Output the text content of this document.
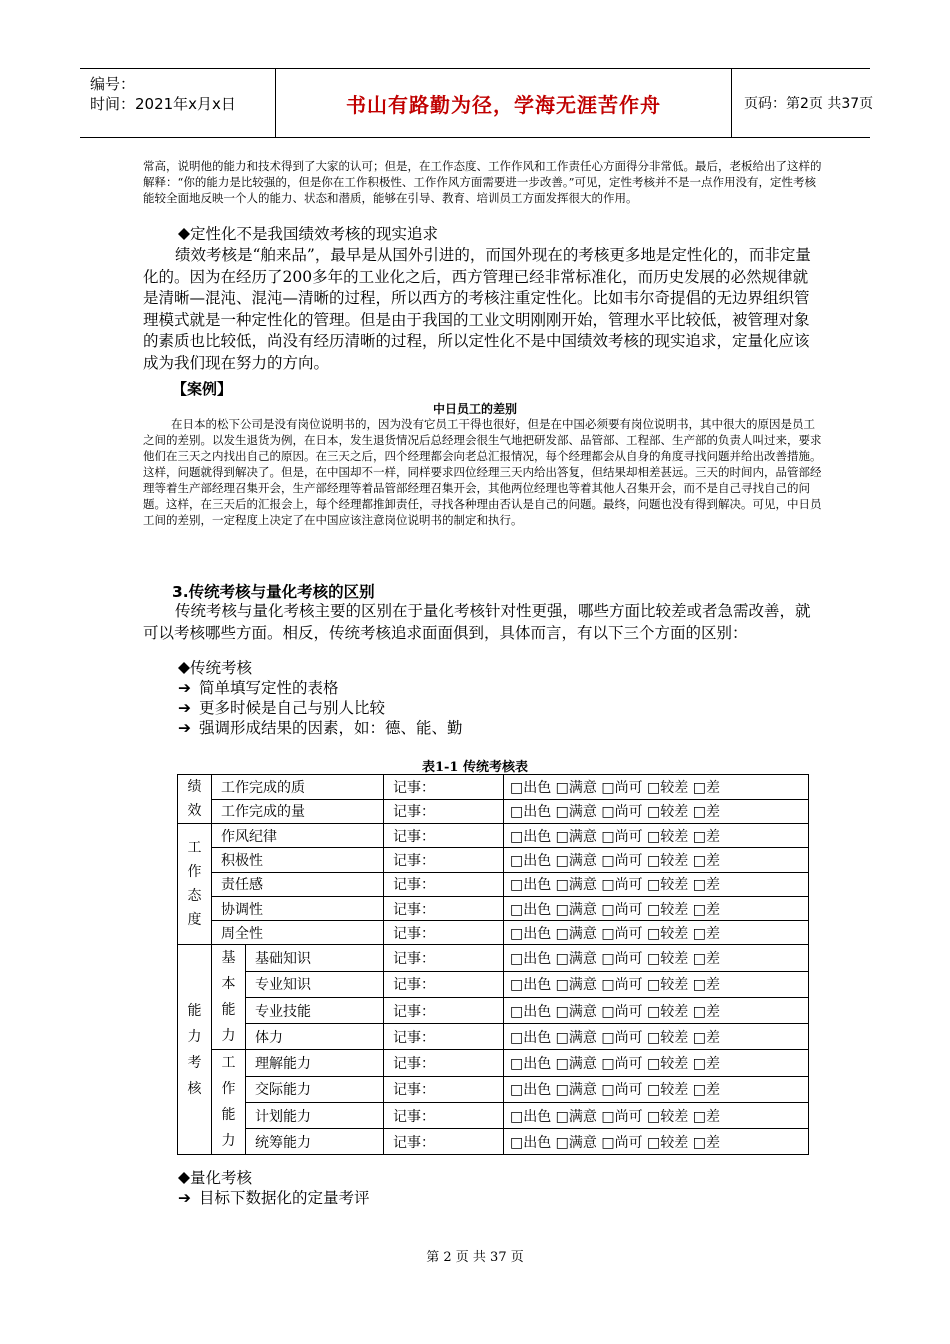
编号：
时间：2021年x月x日	书山有路勤为径，学海无涯苦作舟	页码：第2页 共37页
常高，说明他的能力和技术得到了大家的认可；但是，在工作态度、工作作风和工作责任心方面得分非常低。最后，老板给出了这样的解释：“你的能力是比较强的，但是你在工作积极性、工作作风方面需要进一步改善。”可见，定性考核并不是一点作用没有，定性考核能较全面地反映一个人的能力、状态和潜质，能够在引导、教育、培训员工方面发挥很大的作用。
定性化不是我国绩效考核的现实追求
绩效考核是“舶来品”，最早是从国外引进的，而国外现在的考核更多地是定性化的，而非定量化的。因为在经历了200多年的工业化之后，西方管理已经非常标准化，而历史发展的必然规律就是清晰—混沌、混沌—清晰的过程，所以西方的考核注重定性化。比如韦尔奇提倡的无边界组织管理模式就是一种定性化的管理。但是由于我国的工业文明刚刚开始，管理水平比较低，被管理对象的素质也比较低，尚没有经历清晰的过程，所以定性化不是中国绩效考核的现实追求，定量化应该成为我们现在努力的方向。
【案例】
中日员工的差别
在日本的松下公司是没有岗位说明书的，因为没有它员工干得也很好，但是在中国必须要有岗位说明书，其中很大的原因是员工之间的差别。以发生退货为例，在日本，发生退货情况后总经理会很生气地把研发部、品管部、工程部、生产部的负责人叫过来，要求他们在三天之内找出自己的原因。在三天之后，四个经理都会向老总汇报情况，每个经理都会从自身的角度寻找问题并给出改善措施。这样，问题就得到解决了。但是，在中国却不一样，同样要求四位经理三天内给出答复，但结果却相差甚远。三天的时间内，品管部经理等着生产部经理召集开会，生产部经理等着品管部经理召集开会，其他两位经理也等着其他人召集开会，而不是自己寻找自己的问题。这样，在三天后的汇报会上，每个经理都推卸责任，寻找各种理由否认是自己的问题。最终，问题也没有得到解决。可见，中日员工间的差别，一定程度上决定了在中国应该注意岗位说明书的制定和执行。
3.传统考核与量化考核的区别
传统考核与量化考核主要的区别在于量化考核针对性更强，哪些方面比较差或者急需改善，就可以考核哪些方面。相反，传统考核追求面面俱到，具体而言，有以下三个方面的区别：
传统考核
➔ 简单填写定性的表格
➔ 更多时候是自己与别人比较
➔ 强调形成结果的因素，如：德、能、勤
表1-1 传统考核表
绩效	工作完成的质		记事：	□出色 □满意 □尚可 □较差 □差
	工作完成的量		记事：	□出色 □满意 □尚可 □较差 □差
工作态度	作风纪律		记事：	□出色 □满意 □尚可 □较差 □差
	积极性		记事：	□出色 □满意 □尚可 □较差 □差
	责任感		记事：	□出色 □满意 □尚可 □较差 □差
	协调性		记事：	□出色 □满意 □尚可 □较差 □差
	周全性		记事：	□出色 □满意 □尚可 □较差 □差
能力考核	基本能力	基础知识	记事：	□出色 □满意 □尚可 □较差 □差
		专业知识	记事：	□出色 □满意 □尚可 □较差 □差
		专业技能	记事：	□出色 □满意 □尚可 □较差 □差
		体力	记事：	□出色 □满意 □尚可 □较差 □差
	工作能力	理解能力	记事：	□出色 □满意 □尚可 □较差 □差
		交际能力	记事：	□出色 □满意 □尚可 □较差 □差
		计划能力	记事：	□出色 □满意 □尚可 □较差 □差
		统筹能力	记事：	□出色 □满意 □尚可 □较差 □差
量化考核
➔ 目标下数据化的定量考评
第 2 页 共 37 页
